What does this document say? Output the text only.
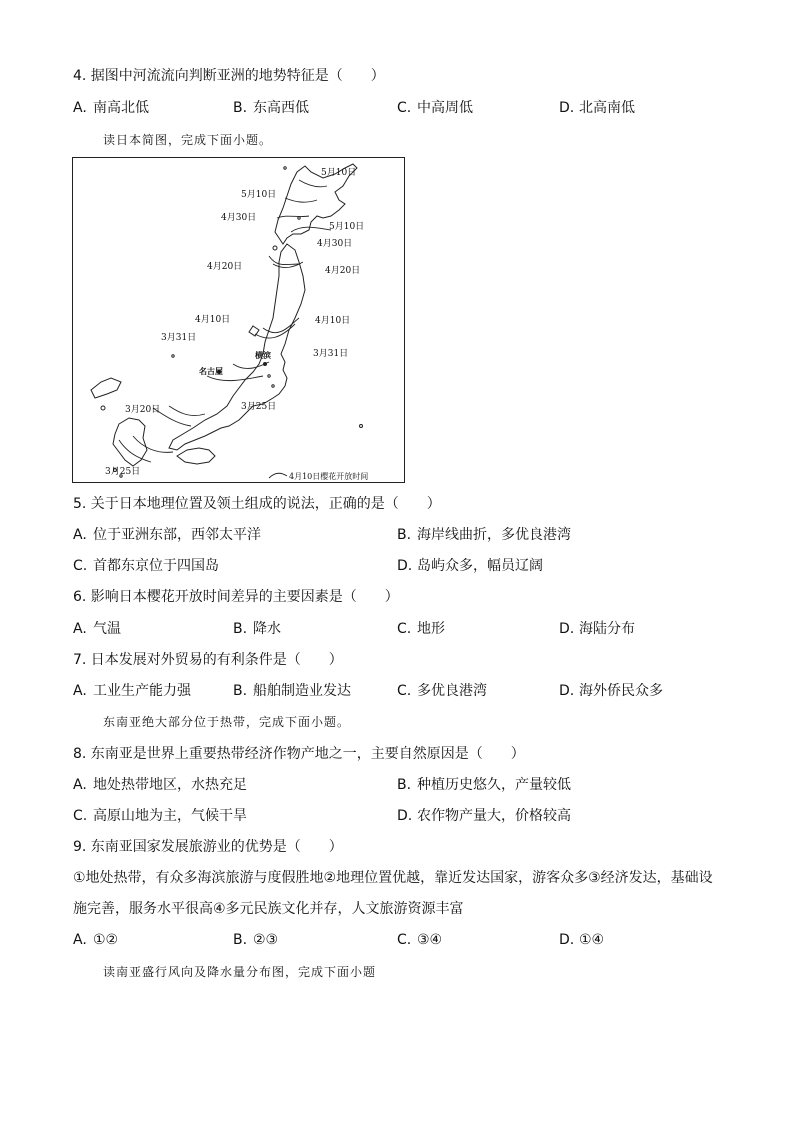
4. 据图中河流流向判断亚洲的地势特征是（　　）
A. 南高北低	B. 东高西低	C. 中高周低	D. 北高南低
读日本简图，完成下面小题。
5月10日
5月10日
4月30日
5月10日
4月30日
4月20日	4月20日
4月10日	4月10日
3月31日
3月31日
3月20日	3月25日
3月25日
横滨
名古屋
4月10日樱花开放时间
5. 关于日本地理位置及领土组成的说法，正确的是（　　）
A. 位于亚洲东部，西邻太平洋	B. 海岸线曲折，多优良港湾
C. 首都东京位于四国岛	D. 岛屿众多，幅员辽阔
6. 影响日本樱花开放时间差异的主要因素是（　　）
A. 气温	B. 降水	C. 地形	D. 海陆分布
7. 日本发展对外贸易的有利条件是（　　）
A. 工业生产能力强	B. 船舶制造业发达	C. 多优良港湾	D. 海外侨民众多
东南亚绝大部分位于热带，完成下面小题。
8. 东南亚是世界上重要热带经济作物产地之一，主要自然原因是（　　）
A. 地处热带地区，水热充足	B. 种植历史悠久，产量较低
C. 高原山地为主，气候干旱	D. 农作物产量大，价格较高
9. 东南亚国家发展旅游业的优势是（　　）
①地处热带，有众多海滨旅游与度假胜地②地理位置优越，靠近发达国家，游客众多③经济发达，基础设
施完善，服务水平很高④多元民族文化并存，人文旅游资源丰富
A. ①②	B. ②③	C. ③④	D. ①④
读南亚盛行风向及降水量分布图，完成下面小题
